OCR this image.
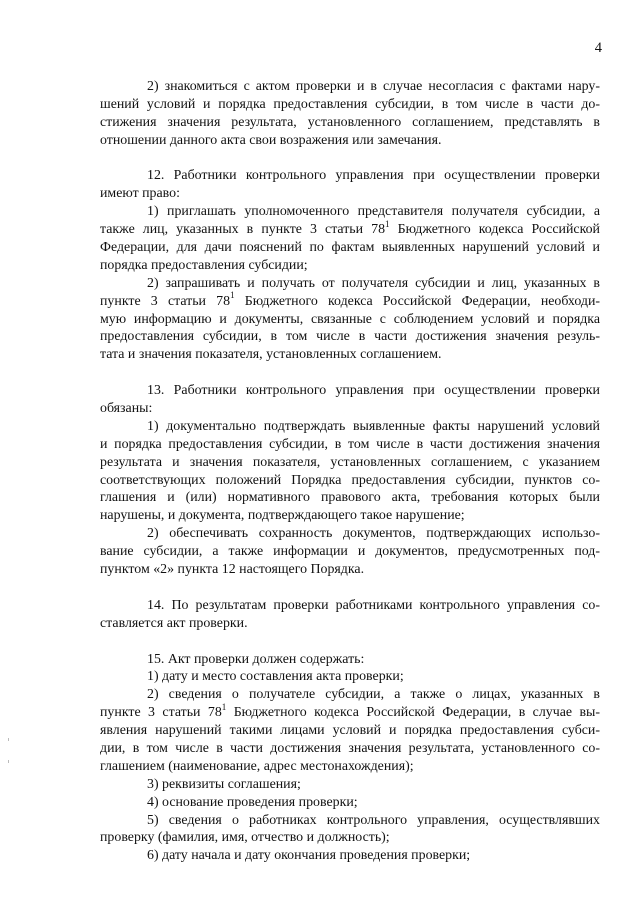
4
2) знакомиться с актом проверки и в случае несогласия с фактами нару-
шений условий и порядка предоставления субсидии, в том числе в части до-
стижения значения результата, установленного соглашением, представлять в
отношении данного акта свои возражения или замечания.
12. Работники контрольного управления при осуществлении проверки
имеют право:
1) приглашать уполномоченного представителя получателя субсидии, а
также лиц, указанных в пункте 3 статьи $78^1$ Бюджетного кодекса Российской
Федерации, для дачи пояснений по фактам выявленных нарушений условий и
порядка предоставления субсидии;
2) запрашивать и получать от получателя субсидии и лиц, указанных в
пункте 3 статьи $78^1$ Бюджетного кодекса Российской Федерации, необходи-
мую информацию и документы, связанные с соблюдением условий и порядка
предоставления субсидии, в том числе в части достижения значения резуль-
тата и значения показателя, установленных соглашением.
13. Работники контрольного управления при осуществлении проверки
обязаны:
1) документально подтверждать выявленные факты нарушений условий
и порядка предоставления субсидии, в том числе в части достижения значения
результата и значения показателя, установленных соглашением, с указанием
соответствующих положений Порядка предоставления субсидии, пунктов со-
глашения и (или) нормативного правового акта, требования которых были
нарушены, и документа, подтверждающего такое нарушение;
2) обеспечивать сохранность документов, подтверждающих использо-
вание субсидии, а также информации и документов, предусмотренных под-
пунктом «2» пункта 12 настоящего Порядка.
14. По результатам проверки работниками контрольного управления со-
ставляется акт проверки.
15. Акт проверки должен содержать:
1) дату и место составления акта проверки;
2) сведения о получателе субсидии, а также о лицах, указанных в
пункте 3 статьи $78^1$ Бюджетного кодекса Российской Федерации, в случае вы-
явления нарушений такими лицами условий и порядка предоставления субси-
дии, в том числе в части достижения значения результата, установленного со-
глашением (наименование, адрес местонахождения);
3) реквизиты соглашения;
4) основание проведения проверки;
5) сведения о работниках контрольного управления, осуществлявших
проверку (фамилия, имя, отчество и должность);
6) дату начала и дату окончания проведения проверки;
